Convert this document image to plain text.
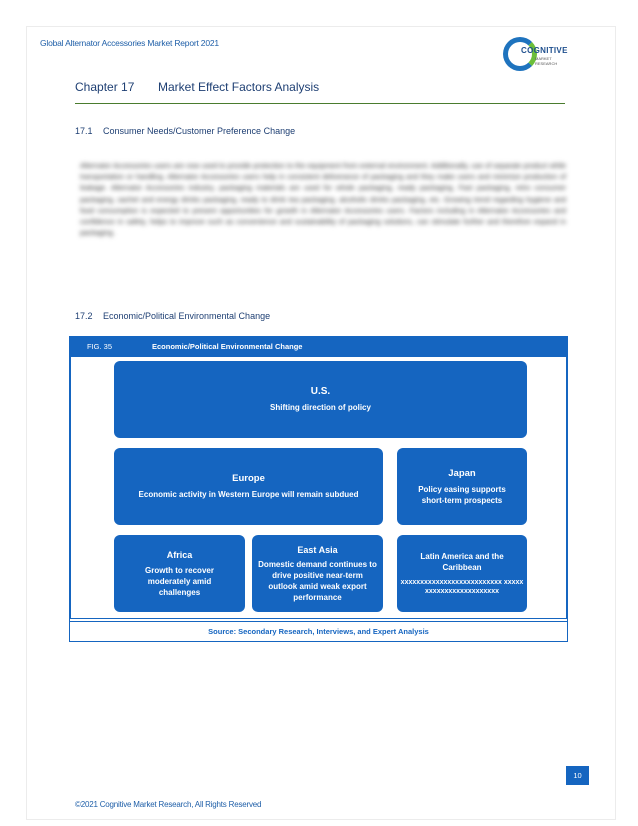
Global Alternator Accessories Market Report 2021
COGNITIVE
MARKET
RESEARCH
Chapter 17 Market Effect Factors Analysis
17.1 Consumer Needs/Customer Preference Change
Alternator Accessories users are now used to provide protection to the equipment from external environment. Additionally, use of separate product while transportation or handling. Alternator Accessories users help in consistent deliverance of packaging and they make users and minimize production of leakage. Alternator Accessories industry, packaging materials are used for whole packaging, ready packaging, Fast packaging, retro consumer packaging, sachet and energy drinks packaging, ready to drink tea packaging, alcoholic drinks packaging, etc. Growing trend regarding hygiene and food consumption is expected to present opportunities for growth in Alternator Accessories users. Factors including in Alternator Accessories and confidence in safety, helps to improve such as convenience and sustainability of packaging solutions, can stimulate further and therefore expand in packaging.
17.2 Economic/Political Environmental Change
FIG. 35	Economic/Political Environmental Change
U.S.
Shifting direction of policy
Europe
Economic activity in Western Europe will remain subdued
Japan
Policy easing supports short-term prospects
Africa
Growth to recover moderately amid challenges
East Asia
Domestic demand continues to drive positive near-term outlook amid weak export performance
Latin America and the Caribbean
xxxxxxxxxxxxxxxxxxxxxxxxxx xxxxxxxxxxxxxxxxxxxxxxxx
Source: Secondary Research, Interviews, and Expert Analysis
10
©2021 Cognitive Market Research, All Rights Reserved
